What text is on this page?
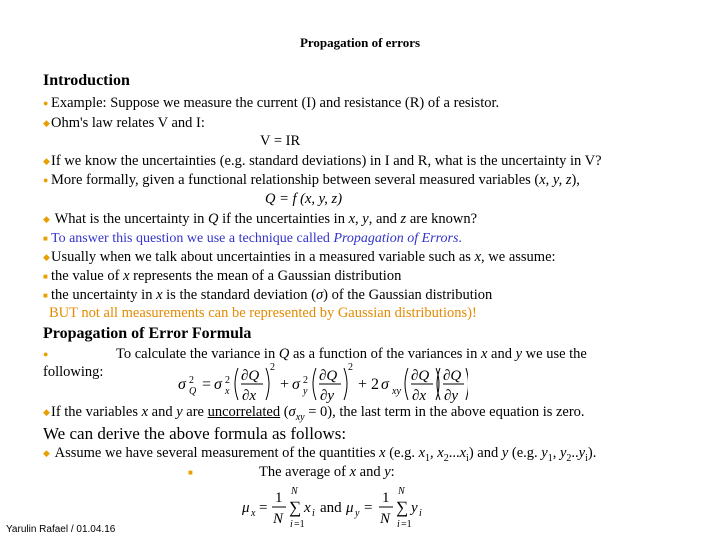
Propagation of errors
Introduction
● Example: Suppose we measure the current (I) and resistance (R) of a resistor.
◆Ohm's law relates V and I:
V = IR
◆If we know the uncertainties (e.g. standard deviations) in I and R, what is the uncertainty in V?
● More formally, given a functional relationship between several measured variables (x, y, z),
Q = f (x, y, z)
◆ What is the uncertainty in Q if the uncertainties in x, y, and z are known?
■ To answer this question we use a technique called Propagation of Errors.
◆Usually when we talk about uncertainties in a measured variable such as x, we assume:
■ the value of x represents the mean of a Gaussian distribution
■ the uncertainty in x is the standard deviation (σ) of the Gaussian distribution
BUT not all measurements can be represented by Gaussian distributions)!
Propagation of Error Formula
●	To calculate the variance in Q as a function of the variances in x and y we use the
following:
σ 2
Q = σ 2
x
∂Q
∂x
2
+ σ 2
y
∂Q
∂y
2
+ 2 σ xy
∂Q
∂x
∂Q
∂y
◆If the variables x and y are uncorrelated $(\sigma_{xy} = 0)$, the last term in the above equation is zero.
We can derive the above formula as follows:
◆ Assume we have several measurement of the quantities x (e.g. $x_1$, $x_2...x_i$) and y (e.g. $y_1$, $y_2..y_i$).
■	The average of x and y:
μ x =
1
N
N
∑
i =1
x i and μ y =
1
N
N
∑
i =1
y i
Yarulin Rafael / 01.04.16
